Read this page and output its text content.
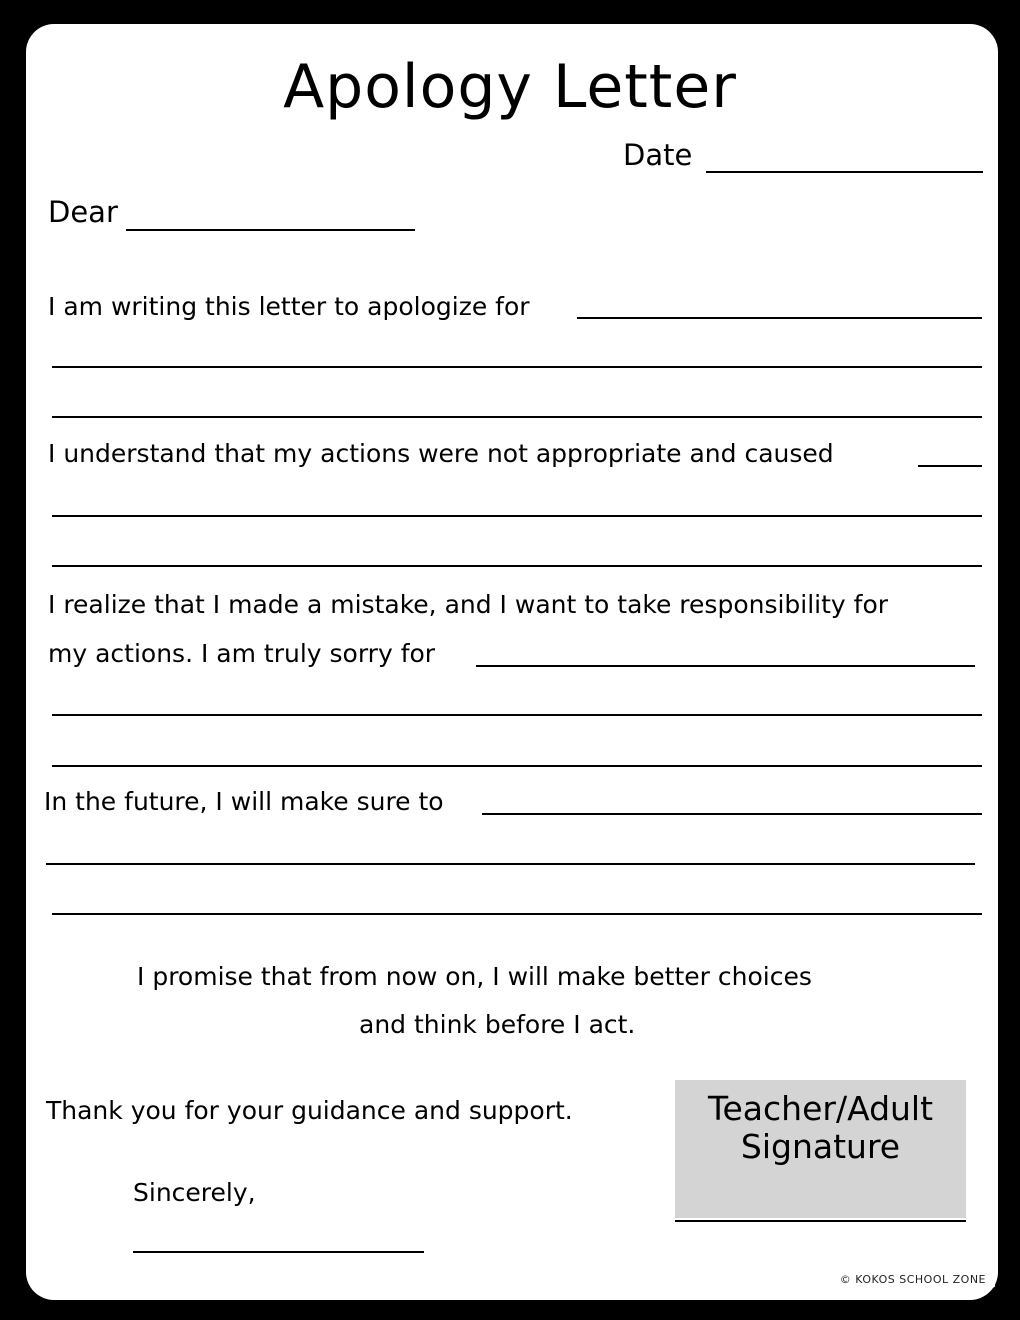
Apology Letter
Date
Dear
I am writing this letter to apologize for
I understand that my actions were not appropriate and caused
I realize that I made a mistake, and I want to take responsibility for
my actions. I am truly sorry for
In the future, I will make sure to
I promise that from now on, I will make better choices
and think before I act.
Thank you for your guidance and support.
Sincerely,
Teacher/Adult
Signature
© KOKOS SCHOOL ZONE
